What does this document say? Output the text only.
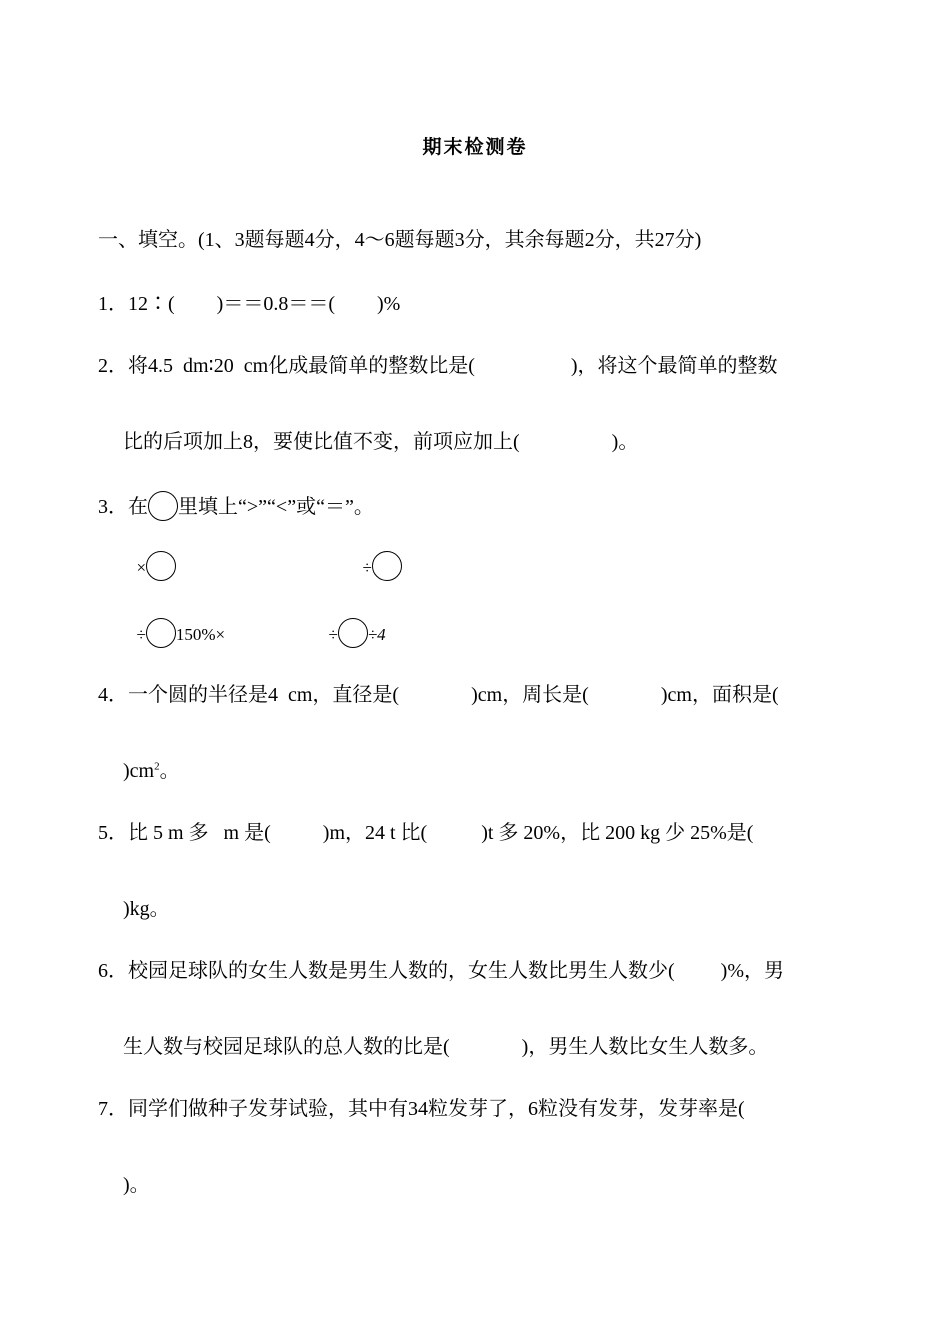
期末检测卷

一、填空。(1、3题每题4分，4～6题每题3分，其余每题2分，共27分)

1．12∶( )＝＝0.8＝＝( )%

2．将4.5  dm∶20  cm化成最简单的整数比是(	)，将这个最简单的整数

比的后项加上8，要使比值不变，前项应加上(	)。

3．在 里填上“>”“<”或“＝”。

×	÷

÷ 150%×	÷ ÷4

4．一个圆的半径是4  cm，直径是(	)cm，周长是(	)cm，面积是(

)$cm^2$。

5．比 5 m 多   m 是(	)m，24 t 比(	)t 多 20%，比 200 kg 少 25%是(

)kg。

6．校园足球队的女生人数是男生人数的，女生人数比男生人数少( )%，男

生人数与校园足球队的总人数的比是(	)，男生人数比女生人数多。

7．同学们做种子发芽试验，其中有34粒发芽了，6粒没有发芽，发芽率是(

)。
